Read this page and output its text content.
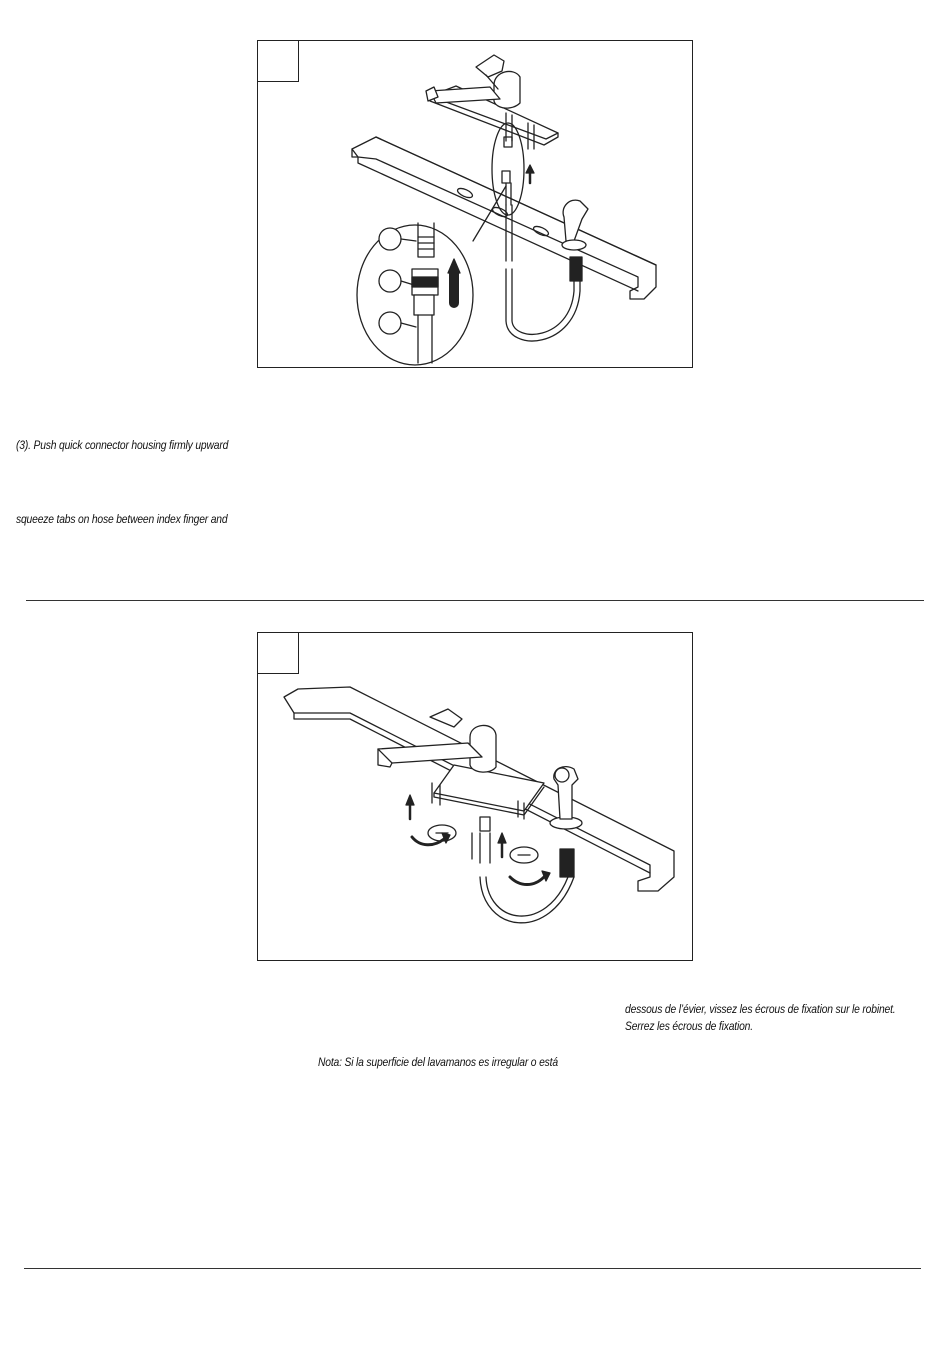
(3). Push quick connector housing firmly upward
squeeze tabs on hose between index finger and
dessous de l’évier, vissez les écrous de fixation sur le robinet.
Serrez les écrous de fixation.
Nota: Si la superficie del lavamanos es irregular o está
